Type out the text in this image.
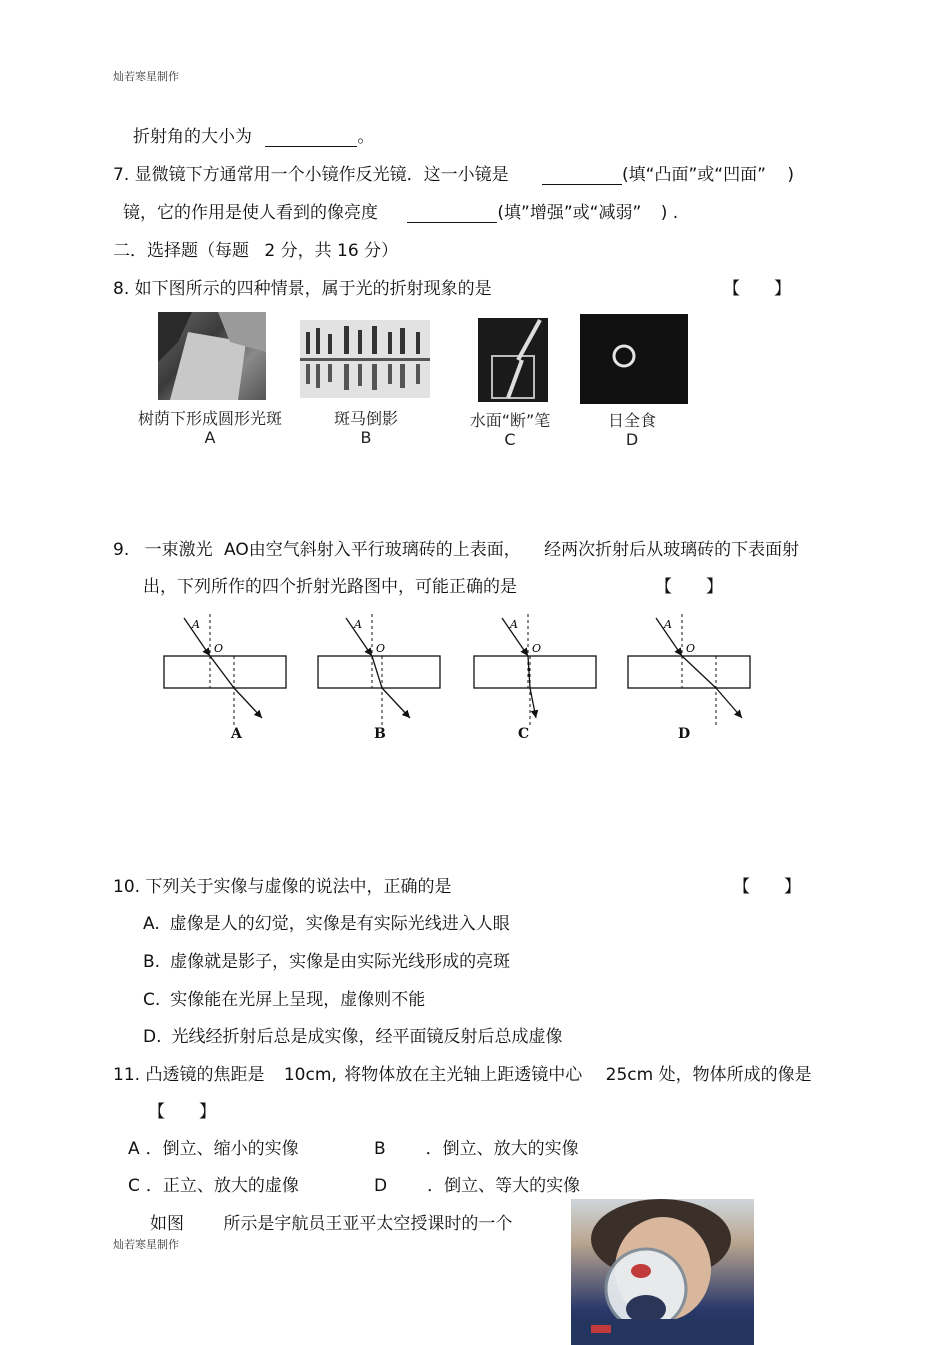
灿若寒星制作
灿若寒星制作
折射角的大小为	。
7. 显微镜下方通常用一个小镜作反光镜．这一小镜是	(填“凸面”或“凹面” )
镜，它的作用是使人看到的像亮度	(填”增强”或“减弱” ) .
二．选择题（每题 2 分，共 16 分）
8. 如下图所示的四种情景，属于光的折射现象的是	【　　】
树荫下形成圆形光斑
A
斑马倒影
B
水面“断”笔
C
日全食
D
9. 一束激光 AO由空气斜射入平行玻璃砖的上表面， 经两次折射后从玻璃砖的下表面射
出，下列所作的四个折射光路图中，可能正确的是	【　　】
A
O
A
O
A
O
A
O
A	B	C	D
10. 下列关于实像与虚像的说法中，正确的是	【　　】
A. 虚像是人的幻觉，实像是有实际光线进入人眼
B. 虚像就是影子，实像是由实际光线形成的亮斑
C. 实像能在光屏上呈现，虚像则不能
D. 光线经折射后总是成实像，经平面镜反射后总成虚像
11. 凸透镜的焦距是 10cm, 将物体放在主光轴上距透镜中心 25cm 处，物体所成的像是
【　　】
A ．倒立、缩小的实像	B ．倒立、放大的实像
C ．正立、放大的虚像	D ．倒立、等大的实像
如图 所示是宇航员王亚平太空授课时的一个
